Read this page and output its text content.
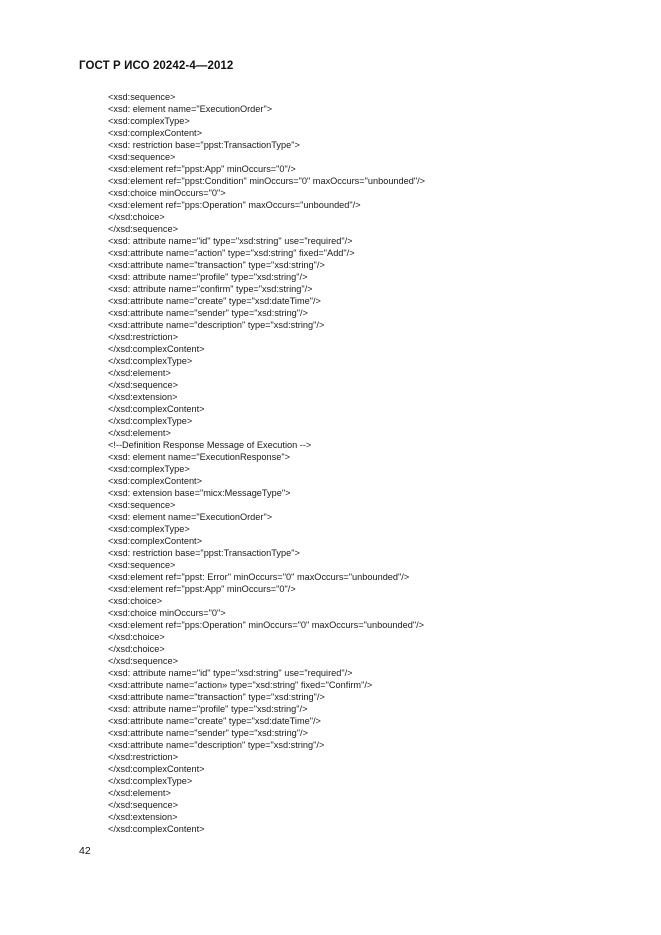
ГОСТ Р ИСО 20242-4—2012
<xsd:sequence>
<xsd: element name="ExecutionOrder">
<xsd:complexType>
<xsd:complexContent>
<xsd: restriction base="ppst:TransactionType">
<xsd:sequence>
<xsd:element ref="ppst:App" minOccurs="0"/>
<xsd:element ref="ppst:Condition" minOccurs="0" maxOccurs="unbounded"/>
<xsd:choice minOccurs="0">
<xsd:element ref="pps:Operation" maxOccurs="unbounded"/>
</xsd:choice>
</xsd:sequence>
<xsd: attribute name="id" type="xsd:string" use="required"/>
<xsd:attribute name="action" type="xsd:string" fixed="Add"/>
<xsd:attribute name="transaction" type="xsd:string"/>
<xsd: attribute name="profile" type="xsd:string"/>
<xsd: attribute name="confirm" type="xsd:string"/>
<xsd:attribute name="create" type="xsd:dateTime"/>
<xsd:attribute name="sender" type="xsd:string"/>
<xsd:attribute name="description" type="xsd:string"/>
</xsd:restriction>
</xsd:complexContent>
</xsd:complexType>
</xsd:element>
</xsd:sequence>
</xsd:extension>
</xsd:complexContent>
</xsd:complexType>
</xsd:element>
<!--Definition Response Message of Execution -->
<xsd: element name="ExecutionResponse">
<xsd:complexType>
<xsd:complexContent>
<xsd: extension base="micx:MessageType">
<xsd:sequence>
<xsd: element name="ExecutionOrder">
<xsd:complexType>
<xsd:complexContent>
<xsd: restriction base="ppst:TransactionType">
<xsd:sequence>
<xsd:element ref="ppst: Error" minOccurs="0" maxOccurs="unbounded"/>
<xsd:element ref="ppst:App" minOccurs="0"/>
<xsd:choice>
<xsd:choice minOccurs="0">
<xsd:element ref="pps:Operation" minOccurs="0" maxOccurs="unbounded"/>
</xsd:choice>
</xsd:choice>
</xsd:sequence>
<xsd: attribute name="id" type="xsd:string" use="required"/>
<xsd:attribute name="action» type="xsd:string" fixed="Confirm"/>
<xsd:attribute name="transaction" type="xsd:string"/>
<xsd: attribute name="profile" type="xsd:string"/>
<xsd:attribute name="create" type="xsd:dateTime"/>
<xsd:attribute name="sender" type="xsd:string"/>
<xsd:attribute name="description" type="xsd:string"/>
</xsd:restriction>
</xsd:complexContent>
</xsd:complexType>
</xsd:element>
</xsd:sequence>
</xsd:extension>
</xsd:complexContent>
42
